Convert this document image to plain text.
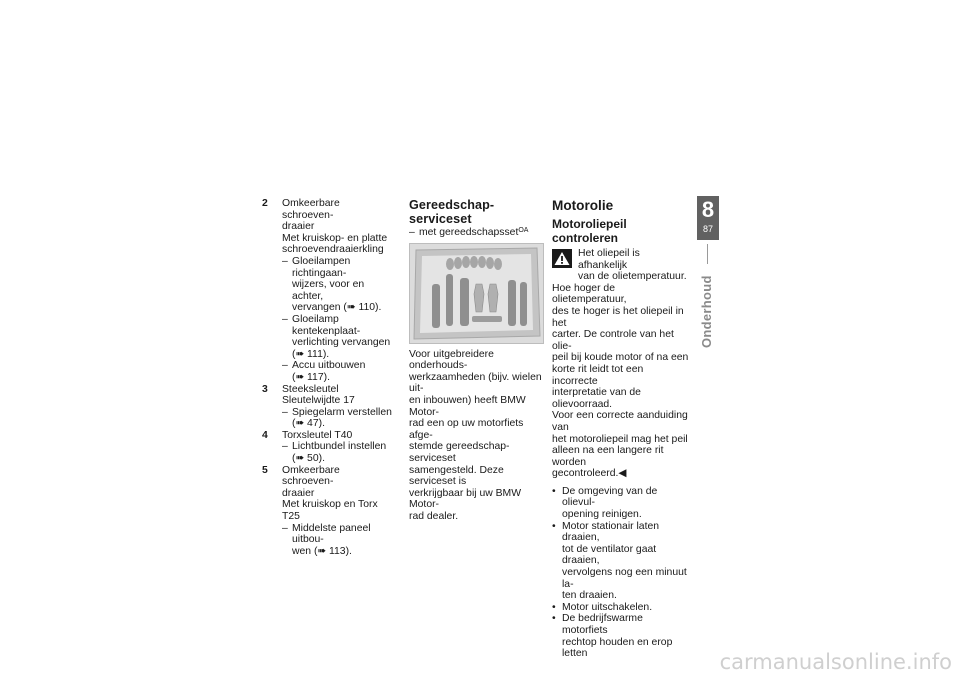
2 Omkeerbare schroeven-
draaier
Met kruiskop- en platte
schroevendraaierkling
– Gloeilampen richtingaan-
wijzers, voor en achter,
vervangen (➠ 110).
– Gloeilamp kentekenplaat-
verlichting vervangen
(➠ 111).
– Accu uitbouwen
(➠ 117).
3 Steeksleutel
Sleutelwijdte 17
– Spiegelarm verstellen
(➠ 47).
4 Torxsleutel T40
– Lichtbundel instellen
(➠ 50).
5 Omkeerbare schroeven-
draaier
Met kruiskop en Torx T25
– Middelste paneel uitbou-
wen (➠ 113).
Gereedschap-serviceset
– met gereedschapsset$^{OA}$
Voor uitgebreidere onderhouds-
werkzaamheden (bijv. wielen uit-
en inbouwen) heeft BMW Motor-
rad een op uw motorfiets afge-
stemde gereedschap-serviceset
samengesteld. Deze serviceset is
verkrijgbaar bij uw BMW Motor-
rad dealer.
Motorolie
Motoroliepeil controleren
Het oliepeil is afhankelijk
van de olietemperatuur.
Hoe hoger de olietemperatuur,
des te hoger is het oliepeil in het
carter. De controle van het olie-
peil bij koude motor of na een
korte rit leidt tot een incorrecte
interpretatie van de olievoorraad.
Voor een correcte aanduiding van
het motoroliepeil mag het peil
alleen na een langere rit worden
gecontroleerd.◀
• De omgeving van de olievul-
opening reinigen.
• Motor stationair laten draaien,
tot de ventilator gaat draaien,
vervolgens nog een minuut la-
ten draaien.
• Motor uitschakelen.
• De bedrijfswarme motorfiets
rechtop houden en erop letten
8
87
Onderhoud
carmanualsonline.info
